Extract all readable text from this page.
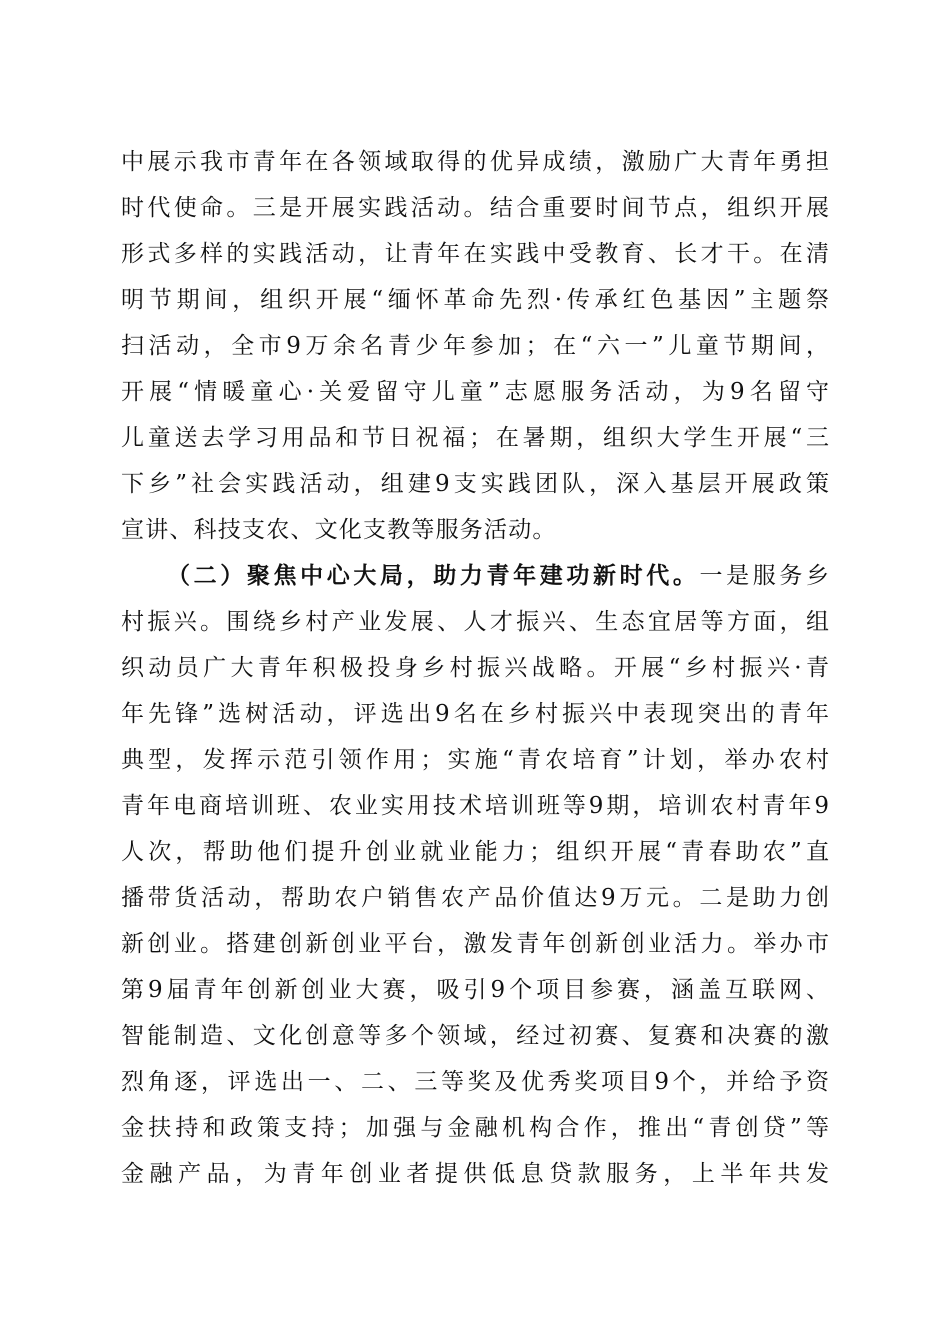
中展示我市青年在各领域取得的优异成绩，激励广大青年勇担
时代使命。三是开展实践活动。结合重要时间节点，组织开展
形式多样的实践活动，让青年在实践中受教育、长才干。在清
明节期间，组织开展“缅怀革命先烈·传承红色基因”主题祭
扫活动，全市9万余名青少年参加；在“六一”儿童节期间，
开展“情暖童心·关爱留守儿童”志愿服务活动，为9名留守
儿童送去学习用品和节日祝福；在暑期，组织大学生开展“三
下乡”社会实践活动，组建9支实践团队，深入基层开展政策
宣讲、科技支农、文化支教等服务活动。
（二）聚焦中心大局，助力青年建功新时代。一是服务乡
村振兴。围绕乡村产业发展、人才振兴、生态宜居等方面，组
织动员广大青年积极投身乡村振兴战略。开展“乡村振兴·青
年先锋”选树活动，评选出9名在乡村振兴中表现突出的青年
典型，发挥示范引领作用；实施“青农培育”计划，举办农村
青年电商培训班、农业实用技术培训班等9期，培训农村青年9
人次，帮助他们提升创业就业能力；组织开展“青春助农”直
播带货活动，帮助农户销售农产品价值达9万元。二是助力创
新创业。搭建创新创业平台，激发青年创新创业活力。举办市
第9届青年创新创业大赛，吸引9个项目参赛，涵盖互联网、
智能制造、文化创意等多个领域，经过初赛、复赛和决赛的激
烈角逐，评选出一、二、三等奖及优秀奖项目9个，并给予资
金扶持和政策支持；加强与金融机构合作，推出“青创贷”等
金融产品，为青年创业者提供低息贷款服务，上半年共发
